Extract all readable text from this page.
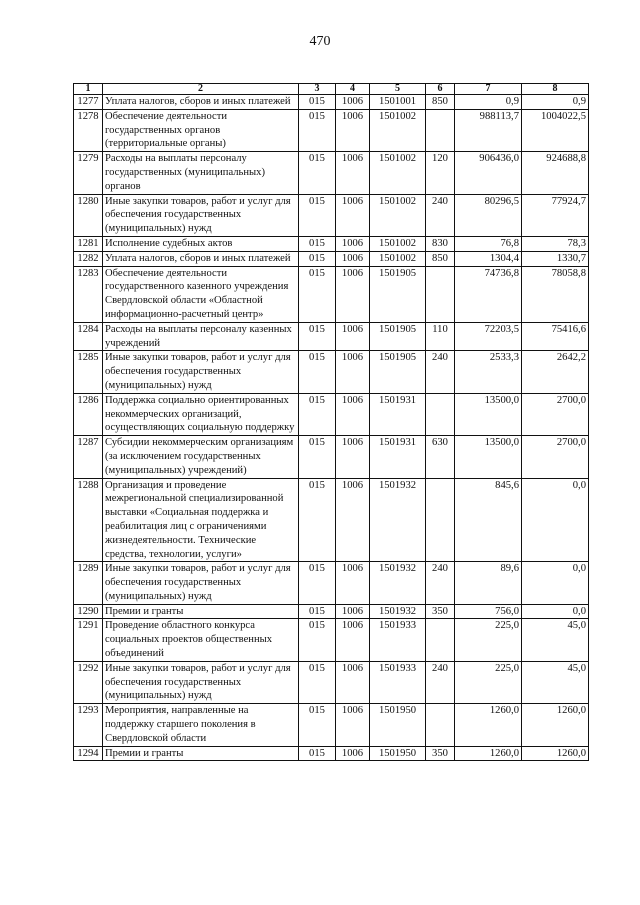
470
1	2	3	4	5	6	7	8
1277	Уплата налогов, сборов и иных платежей	015	1006	1501001	850	0,9	0,9
1278	Обеспечение деятельности государственных органов (территориальные органы)	015	1006	1501002		988113,7	1004022,5
1279	Расходы на выплаты персоналу государственных (муниципальных) органов	015	1006	1501002	120	906436,0	924688,8
1280	Иные закупки товаров, работ и услуг для обеспечения государственных (муниципальных) нужд	015	1006	1501002	240	80296,5	77924,7
1281	Исполнение судебных актов	015	1006	1501002	830	76,8	78,3
1282	Уплата налогов, сборов и иных платежей	015	1006	1501002	850	1304,4	1330,7
1283	Обеспечение деятельности государственного казенного учреждения Свердловской области «Областной информационно-расчетный центр»	015	1006	1501905		74736,8	78058,8
1284	Расходы на выплаты персоналу казенных учреждений	015	1006	1501905	110	72203,5	75416,6
1285	Иные закупки товаров, работ и услуг для обеспечения государственных (муниципальных) нужд	015	1006	1501905	240	2533,3	2642,2
1286	Поддержка социально ориентированных некоммерческих организаций, осуществляющих социальную поддержку	015	1006	1501931		13500,0	2700,0
1287	Субсидии некоммерческим организациям (за исключением государственных (муниципальных) учреждений)	015	1006	1501931	630	13500,0	2700,0
1288	Организация и проведение межрегиональной специализированной выставки «Социальная поддержка и реабилитация лиц с ограничениями жизнедеятельности. Технические средства, технологии, услуги»	015	1006	1501932		845,6	0,0
1289	Иные закупки товаров, работ и услуг для обеспечения государственных (муниципальных) нужд	015	1006	1501932	240	89,6	0,0
1290	Премии и гранты	015	1006	1501932	350	756,0	0,0
1291	Проведение областного конкурса социальных проектов общественных объединений	015	1006	1501933		225,0	45,0
1292	Иные закупки товаров, работ и услуг для обеспечения государственных (муниципальных) нужд	015	1006	1501933	240	225,0	45,0
1293	Мероприятия, направленные на поддержку старшего поколения в Свердловской области	015	1006	1501950		1260,0	1260,0
1294	Премии и гранты	015	1006	1501950	350	1260,0	1260,0
